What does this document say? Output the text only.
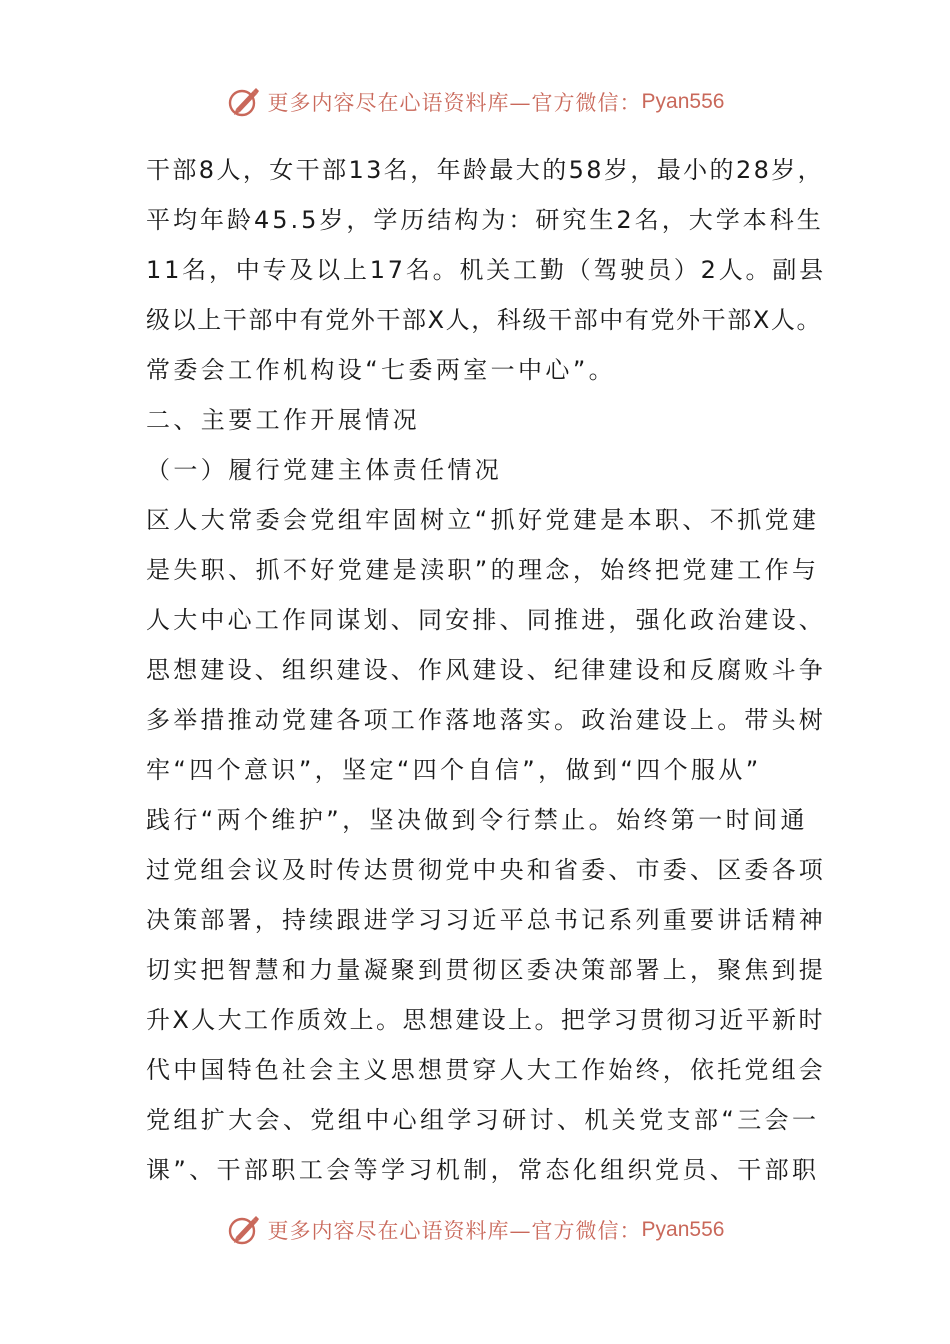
更多内容尽在心语资料库—官方微信： Pyan556
干部8人，女干部13名，年龄最大的58岁，最小的28岁，
平均年龄45.5岁，学历结构为：研究生2名，大学本科生
11名，中专及以上17名。机关工勤（驾驶员）2人。副县
级以上干部中有党外干部X人，科级干部中有党外干部X人。
常委会工作机构设“七委两室一中心”。
二、主要工作开展情况
（一）履行党建主体责任情况
区人大常委会党组牢固树立“抓好党建是本职、不抓党建
是失职、抓不好党建是渎职”的理念，始终把党建工作与
人大中心工作同谋划、同安排、同推进，强化政治建设、
思想建设、组织建设、作风建设、纪律建设和反腐败斗争
多举措推动党建各项工作落地落实。政治建设上。带头树
牢“四个意识”，坚定“四个自信”，做到“四个服从”
践行“两个维护”，坚决做到令行禁止。始终第一时间通
过党组会议及时传达贯彻党中央和省委、市委、区委各项
决策部署，持续跟进学习习近平总书记系列重要讲话精神
切实把智慧和力量凝聚到贯彻区委决策部署上，聚焦到提
升X人大工作质效上。思想建设上。把学习贯彻习近平新时
代中国特色社会主义思想贯穿人大工作始终，依托党组会
党组扩大会、党组中心组学习研讨、机关党支部“三会一
课”、干部职工会等学习机制，常态化组织党员、干部职
更多内容尽在心语资料库—官方微信： Pyan556
